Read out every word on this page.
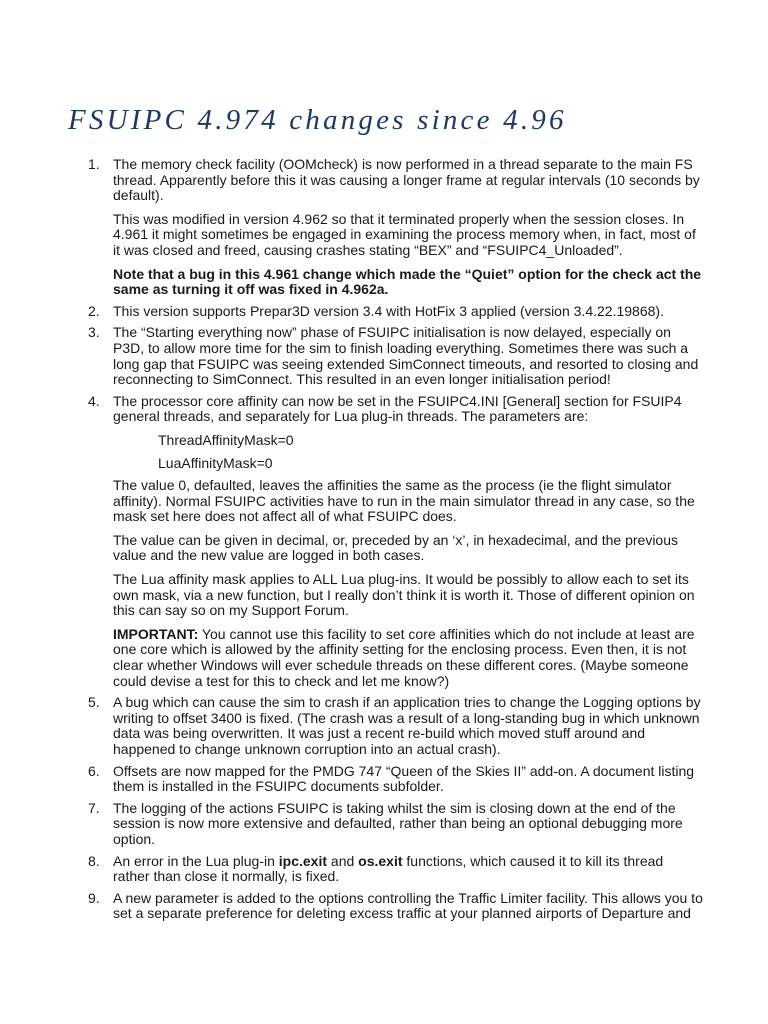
FSUIPC 4.974 changes since 4.96
1. The memory check facility (OOMcheck) is now performed in a thread separate to the main FS thread. Apparently before this it was causing a longer frame at regular intervals (10 seconds by default).

This was modified in version 4.962 so that it terminated properly when the session closes. In 4.961 it might sometimes be engaged in examining the process memory when, in fact, most of it was closed and freed, causing crashes stating “BEX” and “FSUIPC4_Unloaded”.

Note that a bug in this 4.961 change which made the “Quiet” option for the check act the same as turning it off was fixed in 4.962a.

2. This version supports Prepar3D version 3.4 with HotFix 3 applied (version 3.4.22.19868).

3. The “Starting everything now” phase of FSUIPC initialisation is now delayed, especially on P3D, to allow more time for the sim to finish loading everything. Sometimes there was such a long gap that FSUIPC was seeing extended SimConnect timeouts, and resorted to closing and reconnecting to SimConnect. This resulted in an even longer initialisation period!

4. The processor core affinity can now be set in the FSUIPC4.INI [General] section for FSUIP4 general threads, and separately for Lua plug-in threads. The parameters are:

ThreadAffinityMask=0

LuaAffinityMask=0

The value 0, defaulted, leaves the affinities the same as the process (ie the flight simulator affinity). Normal FSUIPC activities have to run in the main simulator thread in any case, so the mask set here does not affect all of what FSUIPC does.

The value can be given in decimal, or, preceded by an ‘x’, in hexadecimal, and the previous value and the new value are logged in both cases.

The Lua affinity mask applies to ALL Lua plug-ins. It would be possibly to allow each to set its own mask, via a new function, but I really don’t think it is worth it. Those of different opinion on this can say so on my Support Forum.

IMPORTANT: You cannot use this facility to set core affinities which do not include at least are one core which is allowed by the affinity setting for the enclosing process. Even then, it is not clear whether Windows will ever schedule threads on these different cores. (Maybe someone could devise a test for this to check and let me know?)

5. A bug which can cause the sim to crash if an application tries to change the Logging options by writing to offset 3400 is fixed. (The crash was a result of a long-standing bug in which unknown data was being overwritten. It was just a recent re-build which moved stuff around and happened to change unknown corruption into an actual crash).

6. Offsets are now mapped for the PMDG 747 “Queen of the Skies II” add-on. A document listing them is installed in the FSUIPC documents subfolder.

7. The logging of the actions FSUIPC is taking whilst the sim is closing down at the end of the session is now more extensive and defaulted, rather than being an optional debugging more option.

8. An error in the Lua plug-in ipc.exit and os.exit functions, which caused it to kill its thread rather than close it normally, is fixed.

9. A new parameter is added to the options controlling the Traffic Limiter facility. This allows you to set a separate preference for deleting excess traffic at your planned airports of Departure and
